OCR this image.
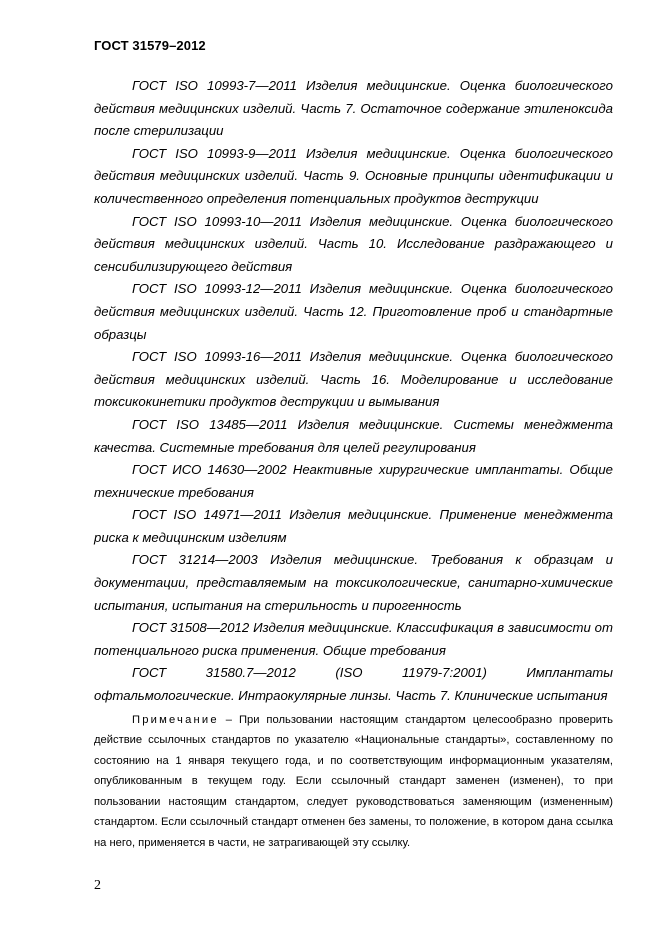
ГОСТ 31579–2012

ГОСТ ISO 10993-7—2011 Изделия медицинские. Оценка биологического действия медицинских изделий. Часть 7. Остаточное содержание этиленоксида после стерилизации

ГОСТ ISO 10993-9—2011 Изделия медицинские. Оценка биологического действия медицинских изделий. Часть 9. Основные принципы идентификации и количественного определения потенциальных продуктов деструкции

ГОСТ ISO 10993-10—2011 Изделия медицинские. Оценка биологического действия медицинских изделий. Часть 10. Исследование раздражающего и сенсибилизирующего действия

ГОСТ ISO 10993-12—2011 Изделия медицинские. Оценка биологического действия медицинских изделий. Часть 12. Приготовление проб и стандартные образцы

ГОСТ ISO 10993-16—2011 Изделия медицинские. Оценка биологического действия медицинских изделий. Часть 16. Моделирование и исследование токсикокинетики продуктов деструкции и вымывания

ГОСТ ISO 13485—2011 Изделия медицинские. Системы менеджмента качества. Системные требования для целей регулирования

ГОСТ ИСО 14630—2002 Неактивные хирургические имплантаты. Общие технические требования

ГОСТ ISO 14971—2011 Изделия медицинские. Применение менеджмента риска к медицинским изделиям

ГОСТ 31214—2003 Изделия медицинские. Требования к образцам и документации, представляемым на токсикологические, санитарно-химические испытания, испытания на стерильность и пирогенность

ГОСТ 31508—2012 Изделия медицинские. Классификация в зависимости от потенциального риска применения. Общие требования

ГОСТ 31580.7—2012 (ISO 11979-7:2001) Имплантаты офтальмологические. Интраокулярные линзы. Часть 7. Клинические испытания

Примечание – При пользовании настоящим стандартом целесообразно проверить действие ссылочных стандартов по указателю «Национальные стандарты», составленному по состоянию на 1 января текущего года, и по соответствующим информационным указателям, опубликованным в текущем году. Если ссылочный стандарт заменен (изменен), то при пользовании настоящим стандартом, следует руководствоваться заменяющим (измененным) стандартом. Если ссылочный стандарт отменен без замены, то положение, в котором дана ссылка на него, применяется в части, не затрагивающей эту ссылку.
2
